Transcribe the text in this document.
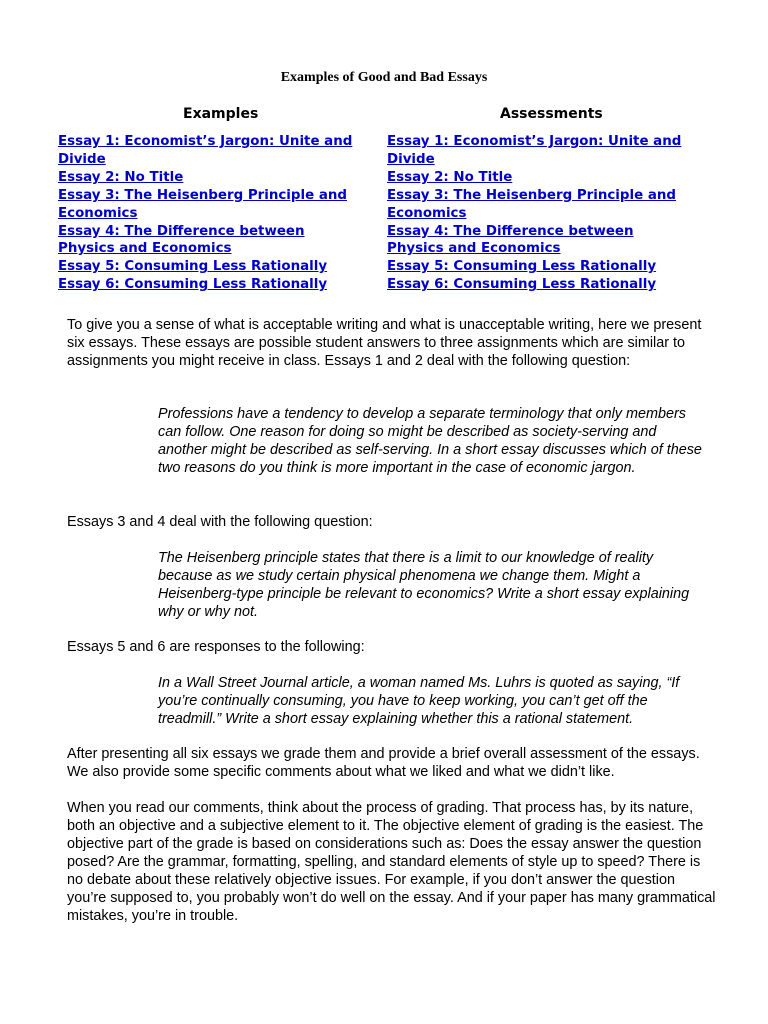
Examples of Good and Bad Essays
Examples	Assessments
Essay 1: Economist’s Jargon: Unite and Divide
Essay 2: No Title
Essay 3: The Heisenberg Principle and Economics
Essay 4: The Difference between Physics and Economics
Essay 5: Consuming Less Rationally
Essay 6: Consuming Less Rationally
Essay 1: Economist’s Jargon: Unite and Divide
Essay 2: No Title
Essay 3: The Heisenberg Principle and Economics
Essay 4: The Difference between Physics and Economics
Essay 5: Consuming Less Rationally
Essay 6: Consuming Less Rationally

To give you a sense of what is acceptable writing and what is unacceptable writing, here we present six essays. These essays are possible student answers to three assignments which are similar to assignments you might receive in class. Essays 1 and 2 deal with the following question:

Professions have a tendency to develop a separate terminology that only members can follow. One reason for doing so might be described as society-serving and another might be described as self-serving. In a short essay discusses which of these two reasons do you think is more important in the case of economic jargon.

Essays 3 and 4 deal with the following question:

The Heisenberg principle states that there is a limit to our knowledge of reality because as we study certain physical phenomena we change them. Might a Heisenberg-type principle be relevant to economics? Write a short essay explaining why or why not.

Essays 5 and 6 are responses to the following:

In a Wall Street Journal article, a woman named Ms. Luhrs is quoted as saying, “If you’re continually consuming, you have to keep working, you can’t get off the treadmill.” Write a short essay explaining whether this a rational statement.

After presenting all six essays we grade them and provide a brief overall assessment of the essays. We also provide some specific comments about what we liked and what we didn’t like.

When you read our comments, think about the process of grading. That process has, by its nature, both an objective and a subjective element to it. The objective element of grading is the easiest. The objective part of the grade is based on considerations such as: Does the essay answer the question posed? Are the grammar, formatting, spelling, and standard elements of style up to speed? There is no debate about these relatively objective issues. For example, if you don’t answer the question you’re supposed to, you probably won’t do well on the essay. And if your paper has many grammatical mistakes, you’re in trouble.
